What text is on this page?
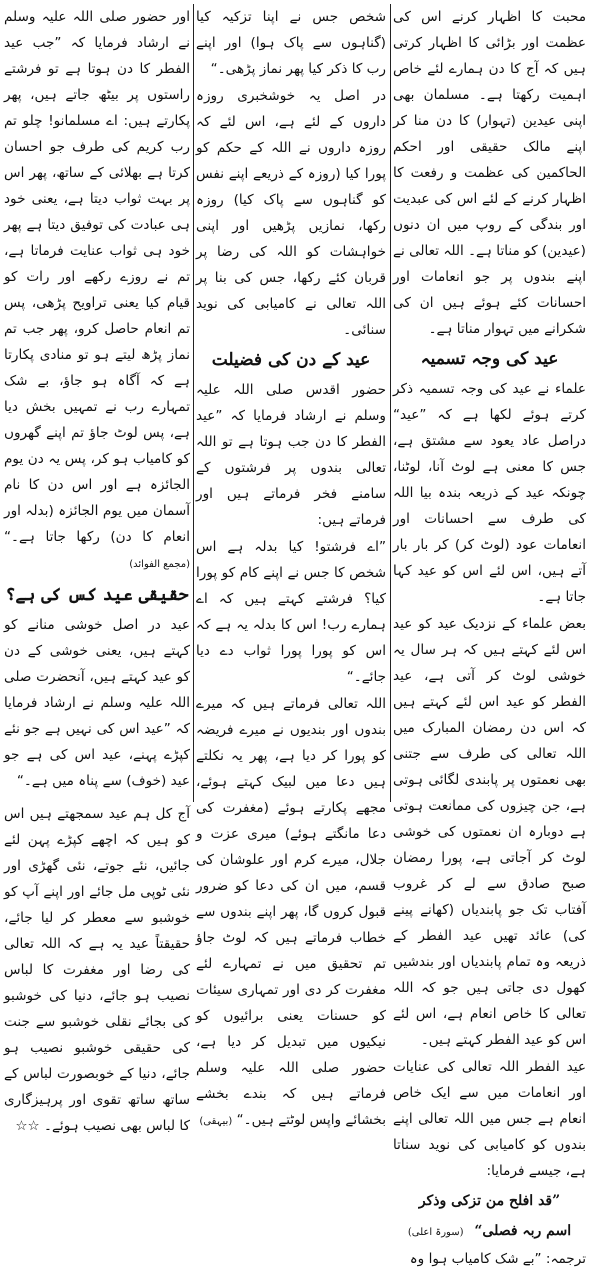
محبت کا اظہار کرنے اس کی عظمت اور بڑائی کا اظہار کرتی ہیں کہ آج کا دن ہمارے لئے خاص اہمیت رکھتا ہے۔ مسلمان بھی اپنی عیدین (تہوار) کا دن منا کر اپنے مالک حقیقی اور احکم الحاکمین کی عظمت و رفعت کا اظہار کرنے کے لئے اس کی عبدیت اور بندگی کے روپ میں ان دنوں (عیدین) کو مناتا ہے۔ اللہ تعالی نے اپنے بندوں پر جو انعامات اور احسانات کئے ہوئے ہیں ان کی شکرانے میں تہوار مناتا ہے۔

عید کی وجہ تسمیہ

علماء نے عید کی وجہ تسمیہ ذکر کرتے ہوئے لکھا ہے کہ ”عید“ دراصل عاد یعود سے مشتق ہے، جس کا معنی ہے لوٹ آنا، لوٹنا، چونکہ عید کے ذریعہ بندہ بیا اللہ کی طرف سے احسانات اور انعامات عود (لوٹ کر) کر بار بار آتے ہیں، اس لئے اس کو عید کہا جاتا ہے۔

بعض علماء کے نزدیک عید کو عید اس لئے کہتے ہیں کہ ہر سال یہ خوشی لوٹ کر آتی ہے، عید الفطر کو عید اس لئے کہتے ہیں کہ اس دن رمضان المبارک میں اللہ تعالی کی طرف سے جتنی بھی نعمتوں پر پابندی لگائی ہوتی ہے، جن چیزوں کی ممانعت ہوتی ہے دوبارہ ان نعمتوں کی خوشی لوٹ کر آجاتی ہے، پورا رمضان صبح صادق سے لے کر غروب آفتاب تک جو پابندیاں (کھانے پینے کی) عائد تھیں عید الفطر کے ذریعہ وہ تمام پابندیاں اور بندشیں کھول دی جاتی ہیں جو کہ اللہ تعالی کا خاص انعام ہے، اس لئے اس کو عید الفطر کہتے ہیں۔

عید الفطر اللہ تعالی کی عنایات اور انعامات میں سے ایک خاص انعام ہے جس میں اللہ تعالی اپنے بندوں کو کامیابی کی نوید سناتا ہے، جیسے فرمایا:

”قد افلح من تزکی وذکر
اسم ربہ فصلی“ (سورۃ اعلی)

ترجمہ: ”بے شک کامیاب ہوا وہ

شخص جس نے اپنا تزکیہ کیا (گناہوں سے پاک ہوا) اور اپنے رب کا ذکر کیا پھر نماز پڑھی۔“

در اصل یہ خوشخبری روزہ داروں کے لئے ہے، اس لئے کہ روزہ داروں نے اللہ کے حکم کو پورا کیا (روزہ کے ذریعے اپنے نفس کو گناہوں سے پاک کیا) روزہ رکھا، نمازیں پڑھیں اور اپنی خواہشات کو اللہ کی رضا پر قربان کئے رکھا، جس کی بنا پر اللہ تعالی نے کامیابی کی نوید سنائی۔

عید کے دن کی فضیلت

حضور اقدس صلی اللہ علیہ وسلم نے ارشاد فرمایا کہ ”عید الفطر کا دن جب ہوتا ہے تو اللہ تعالی بندوں پر فرشتوں کے سامنے فخر فرماتے ہیں اور فرماتے ہیں:

”اے فرشتو! کیا بدلہ ہے اس شخص کا جس نے اپنے کام کو پورا کیا؟ فرشتے کہتے ہیں کہ اے ہمارے رب! اس کا بدلہ یہ ہے کہ اس کو پورا پورا ثواب دے دیا جائے۔“

اللہ تعالی فرماتے ہیں کہ میرے بندوں اور بندیوں نے میرے فریضہ کو پورا کر دیا ہے، پھر یہ نکلتے ہیں دعا میں لبیک کہتے ہوئے، مجھے پکارتے ہوئے (مغفرت کی دعا مانگتے ہوئے) میری عزت و جلال، میرے کرم اور علوشان کی قسم، میں ان کی دعا کو ضرور قبول کروں گا، پھر اپنے بندوں سے خطاب فرماتے ہیں کہ لوٹ جاؤ تم تحقیق میں نے تمہارے لئے مغفرت کر دی اور تمہاری سیئات کو حسنات یعنی برائیوں کو نیکیوں میں تبدیل کر دیا ہے، حضور صلی اللہ علیہ وسلم فرماتے ہیں کہ بندے بخشے بخشائے واپس لوٹتے ہیں۔“ (بیہقی)

اور حضور صلی اللہ علیہ وسلم نے ارشاد فرمایا کہ ”جب عید الفطر کا دن ہوتا ہے تو فرشتے راستوں پر بیٹھ جاتے ہیں، پھر پکارتے ہیں: اے مسلمانو! چلو تم رب کریم کی طرف جو احسان کرتا ہے بھلائی کے ساتھ، پھر اس پر بہت ثواب دیتا ہے، یعنی خود ہی عبادت کی توفیق دیتا ہے پھر خود ہی ثواب عنایت فرماتا ہے، تم نے روزے رکھے اور رات کو قیام کیا یعنی تراویح پڑھی، پس تم انعام حاصل کرو، پھر جب تم نماز پڑھ لیتے ہو تو منادی پکارتا ہے کہ آگاہ ہو جاؤ، بے شک تمہارے رب نے تمہیں بخش دیا ہے، پس لوٹ جاؤ تم اپنے گھروں کو کامیاب ہو کر، پس یہ دن یوم الجائزہ ہے اور اس دن کا نام آسمان میں یوم الجائزہ (بدلہ اور انعام کا دن) رکھا جاتا ہے۔“ (مجمع الفوائد)

حقیقی عید کس کی ہے؟

عید در اصل خوشی منانے کو کہتے ہیں، یعنی خوشی کے دن کو عید کہتے ہیں، آنحضرت صلی اللہ علیہ وسلم نے ارشاد فرمایا کہ ”عید اس کی نہیں ہے جو نئے کپڑے پہنے، عید اس کی ہے جو عید (خوف) سے پناہ میں ہے۔“

آج کل ہم عید سمجھتے ہیں اس کو ہیں کہ اچھے کپڑے پہن لئے جائیں، نئے جوتے، نئی گھڑی اور نئی ٹوپی مل جائے اور اپنے آپ کو خوشبو سے معطر کر لیا جائے، حقیقتاً عید یہ ہے کہ اللہ تعالی کی رضا اور مغفرت کا لباس نصیب ہو جائے، دنیا کی خوشبو کی بجائے نقلی خوشبو سے جنت کی حقیقی خوشبو نصیب ہو جائے، دنیا کے خوبصورت لباس کے ساتھ ساتھ تقوی اور پرہیزگاری کا لباس بھی نصیب ہوئے۔ ☆☆
